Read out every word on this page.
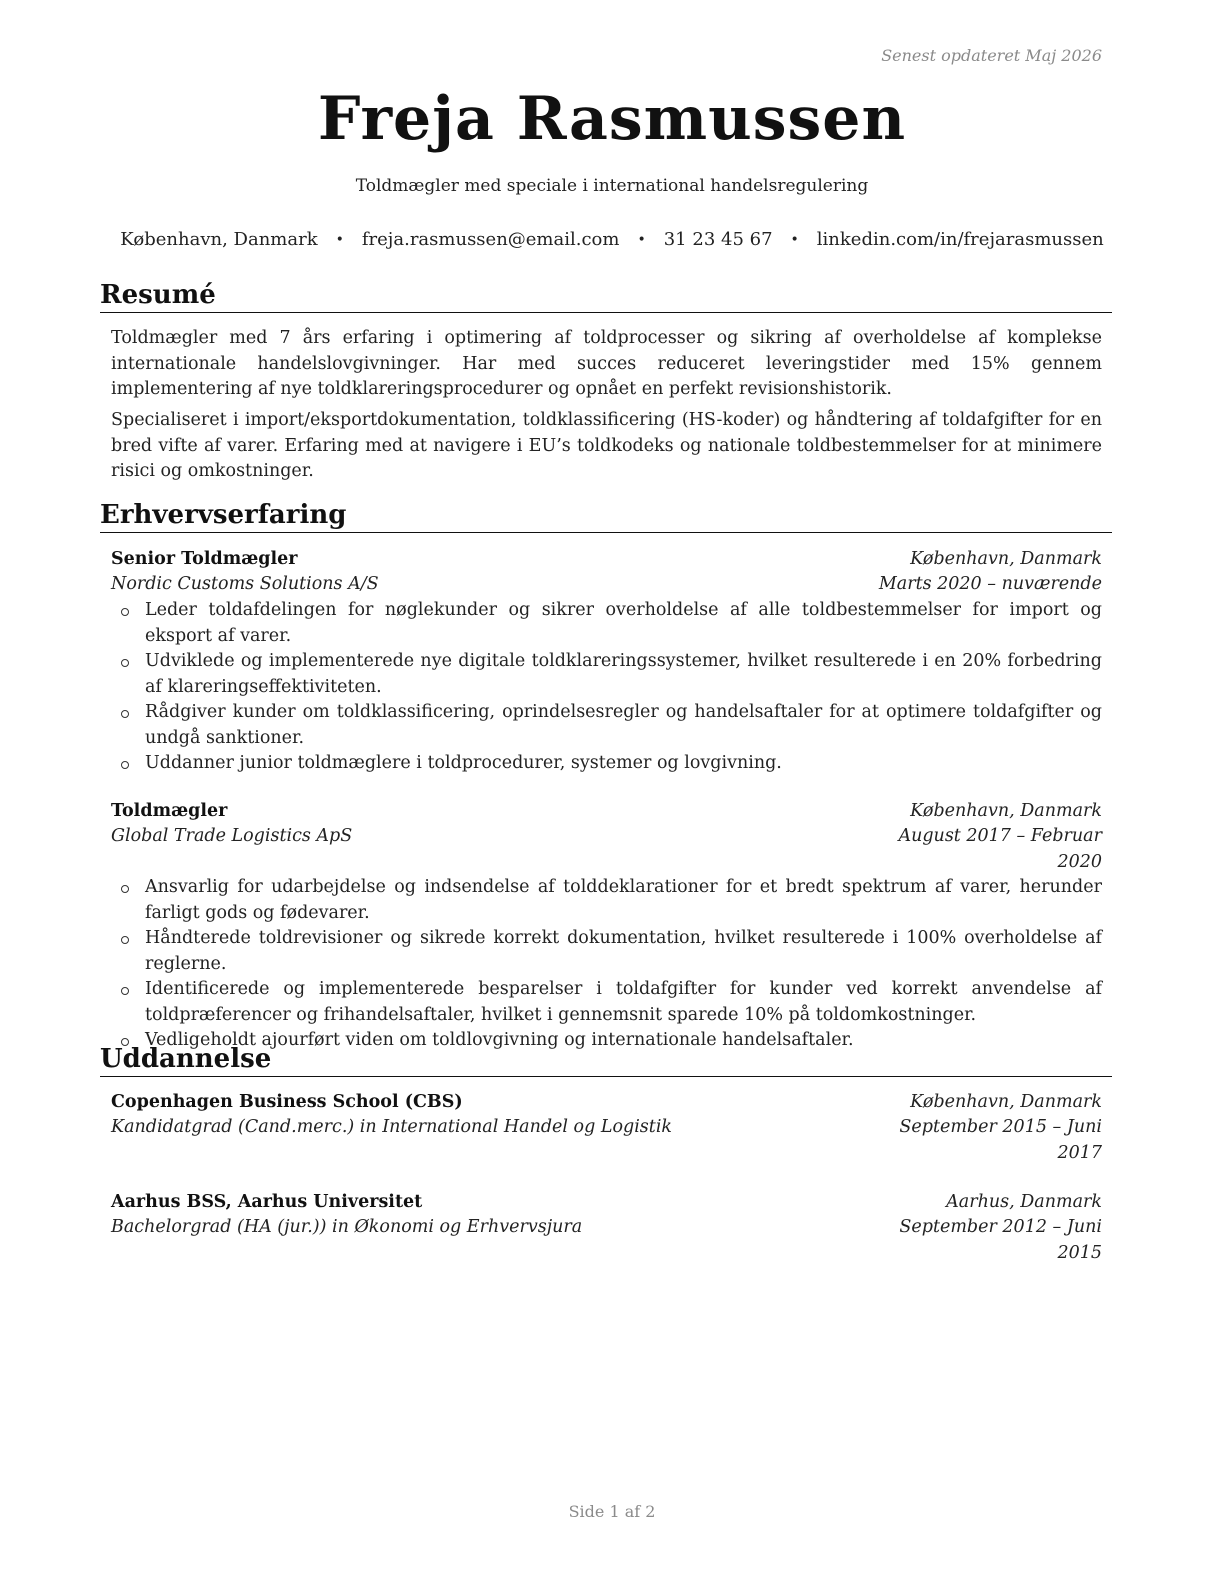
Senest opdateret Maj 2026
Freja Rasmussen
Toldmægler med speciale i international handelsregulering
København, Danmark • freja.rasmussen@email.com • 31 23 45 67 • linkedin.com/in/frejarasmussen
Resumé
Toldmægler med 7 års erfaring i optimering af toldprocesser og sikring af overholdelse af komplekse internationale handelslovgivninger. Har med succes reduceret leveringstider med 15% gennem implementering af nye toldklareringsprocedurer og opnået en perfekt revisionshistorik.
Specialiseret i import/eksportdokumentation, toldklassificering (HS-koder) og håndtering af toldafgifter for en bred vifte af varer. Erfaring med at navigere i EU’s toldkodeks og nationale toldbestemmelser for at minimere risici og omkostninger.
Erhvervserfaring
Senior Toldmægler	København, Danmark
Nordic Customs Solutions A/S	Marts 2020 – nuværende
Leder toldafdelingen for nøglekunder og sikrer overholdelse af alle toldbestemmelser for import og eksport af varer.
Udviklede og implementerede nye digitale toldklareringssystemer, hvilket resulterede i en 20% forbedring af klareringseffektiviteten.
Rådgiver kunder om toldklassificering, oprindelsesregler og handelsaftaler for at optimere toldafgifter og undgå sanktioner.
Uddanner junior toldmæglere i toldprocedurer, systemer og lovgivning.
Toldmægler	København, Danmark
Global Trade Logistics ApS	August 2017 – Februar 2020
Ansvarlig for udarbejdelse og indsendelse af tolddeklarationer for et bredt spektrum af varer, herunder farligt gods og fødevarer.
Håndterede toldrevisioner og sikrede korrekt dokumentation, hvilket resulterede i 100% overholdelse af reglerne.
Identificerede og implementerede besparelser i toldafgifter for kunder ved korrekt anvendelse af toldpræferencer og frihandelsaftaler, hvilket i gennemsnit sparede 10% på toldomkostninger.
Vedligeholdt ajourført viden om toldlovgivning og internationale handelsaftaler.
Uddannelse
Copenhagen Business School (CBS)	København, Danmark
Kandidatgrad (Cand.merc.) in International Handel og Logistik	September 2015 – Juni 2017
Aarhus BSS, Aarhus Universitet	Aarhus, Danmark
Bachelorgrad (HA (jur.)) in Økonomi og Erhvervsjura	September 2012 – Juni 2015
Side 1 af 2
